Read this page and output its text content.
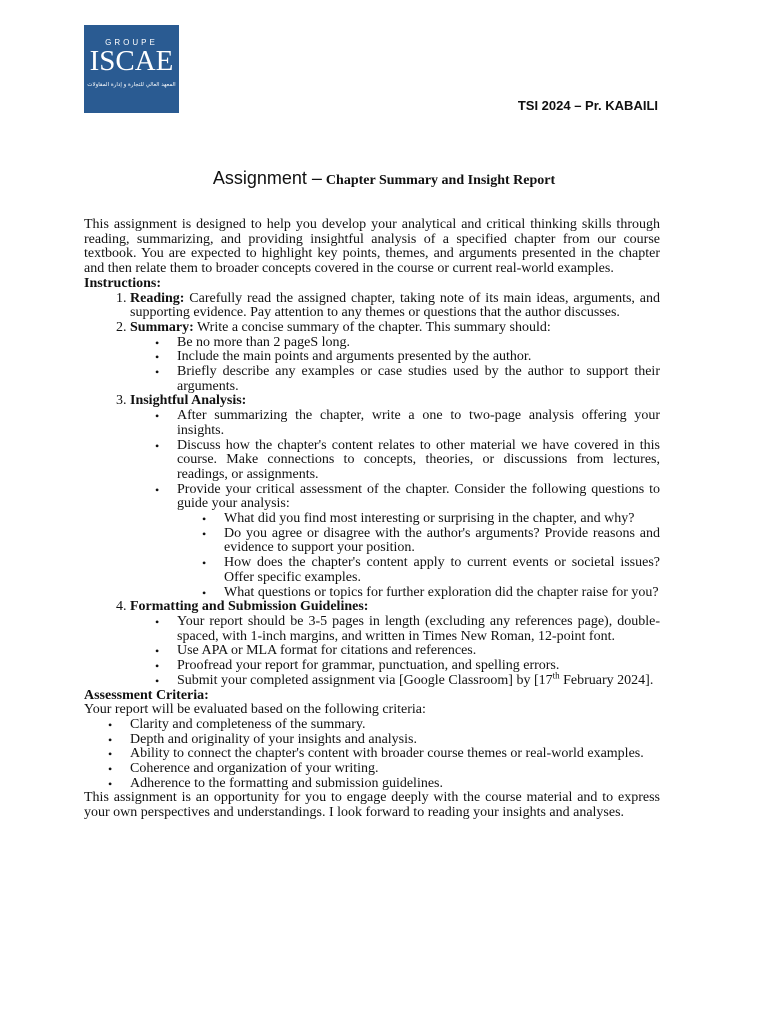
GROUPE
ISCAE
المعهد العالي للتجارة و إدارة المقاولات
TSI 2024 – Pr. KABAILI
Assignment – Chapter Summary and Insight Report

This assignment is designed to help you develop your analytical and critical thinking skills through reading, summarizing, and providing insightful analysis of a specified chapter from our course textbook. You are expected to highlight key points, themes, and arguments presented in the chapter and then relate them to broader concepts covered in the course or current real-world examples.

Instructions:

1. Reading: Carefully read the assigned chapter, taking note of its main ideas, arguments, and supporting evidence. Pay attention to any themes or questions that the author discusses.

2. Summary: Write a concise summary of the chapter. This summary should:

• Be no more than 2 pageS long.
• Include the main points and arguments presented by the author.
• Briefly describe any examples or case studies used by the author to support their arguments.

3. Insightful Analysis:

• After summarizing the chapter, write a one to two-page analysis offering your insights.
• Discuss how the chapter's content relates to other material we have covered in this course. Make connections to concepts, theories, or discussions from lectures, readings, or assignments.
• Provide your critical assessment of the chapter. Consider the following questions to guide your analysis:
• What did you find most interesting or surprising in the chapter, and why?
• Do you agree or disagree with the author's arguments? Provide reasons and evidence to support your position.
• How does the chapter's content apply to current events or societal issues? Offer specific examples.
• What questions or topics for further exploration did the chapter raise for you?

4. Formatting and Submission Guidelines:

• Your report should be 3-5 pages in length (excluding any references page), double-spaced, with 1-inch margins, and written in Times New Roman, 12-point font.
• Use APA or MLA format for citations and references.
• Proofread your report for grammar, punctuation, and spelling errors.
• Submit your completed assignment via [Google Classroom] by [17th February 2024].
Assessment Criteria:

Your report will be evaluated based on the following criteria:

• Clarity and completeness of the summary.
• Depth and originality of your insights and analysis.
• Ability to connect the chapter's content with broader course themes or real-world examples.
• Coherence and organization of your writing.
• Adherence to the formatting and submission guidelines.

This assignment is an opportunity for you to engage deeply with the course material and to express your own perspectives and understandings. I look forward to reading your insights and analyses.
